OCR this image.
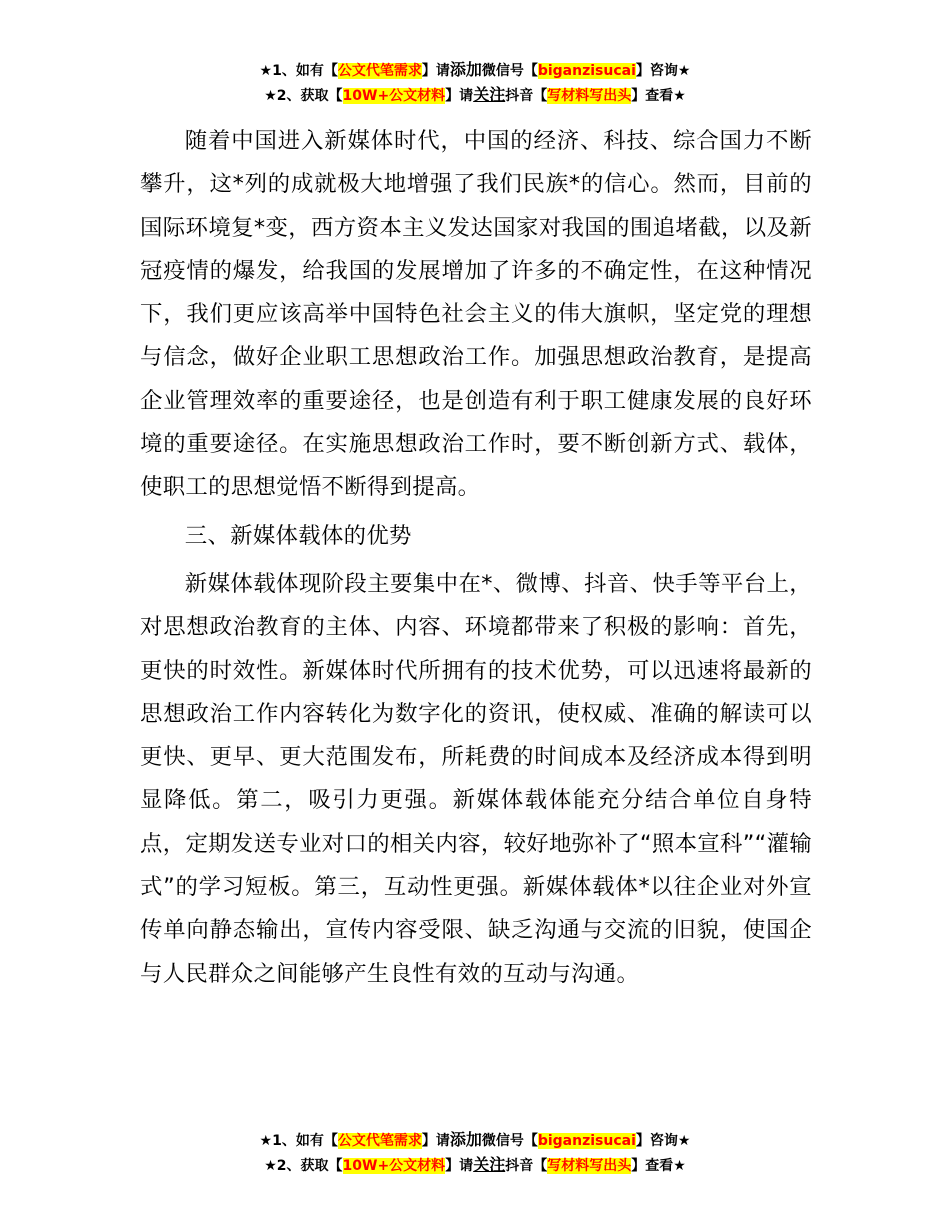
★1、如有【公文代笔需求】请添加微信号【biganzisucai】咨询★
★2、获取【10W+公文材料】请关注抖音【写材料写出头】查看★

随着中国进入新媒体时代，中国的经济、科技、综合国力不断攀升，这*列的成就极大地增强了我们民族*的信心。然而，目前的国际环境复*变，西方资本主义发达国家对我国的围追堵截，以及新冠疫情的爆发，给我国的发展增加了许多的不确定性，在这种情况下，我们更应该高举中国特色社会主义的伟大旗帜，坚定党的理想与信念，做好企业职工思想政治工作。加强思想政治教育，是提高企业管理效率的重要途径，也是创造有利于职工健康发展的良好环境的重要途径。在实施思想政治工作时，要不断创新方式、载体，使职工的思想觉悟不断得到提高。

三、新媒体载体的优势

新媒体载体现阶段主要集中在*、微博、抖音、快手等平台上，对思想政治教育的主体、内容、环境都带来了积极的影响：首先，更快的时效性。新媒体时代所拥有的技术优势，可以迅速将最新的思想政治工作内容转化为数字化的资讯，使权威、准确的解读可以更快、更早、更大范围发布，所耗费的时间成本及经济成本得到明显降低。第二，吸引力更强。新媒体载体能充分结合单位自身特点，定期发送专业对口的相关内容，较好地弥补了“照本宣科”“灌输式”的学习短板。第三，互动性更强。新媒体载体*以往企业对外宣传单向静态输出，宣传内容受限、缺乏沟通与交流的旧貌，使国企与人民群众之间能够产生良性有效的互动与沟通。

★1、如有【公文代笔需求】请添加微信号【biganzisucai】咨询★
★2、获取【10W+公文材料】请关注抖音【写材料写出头】查看★
